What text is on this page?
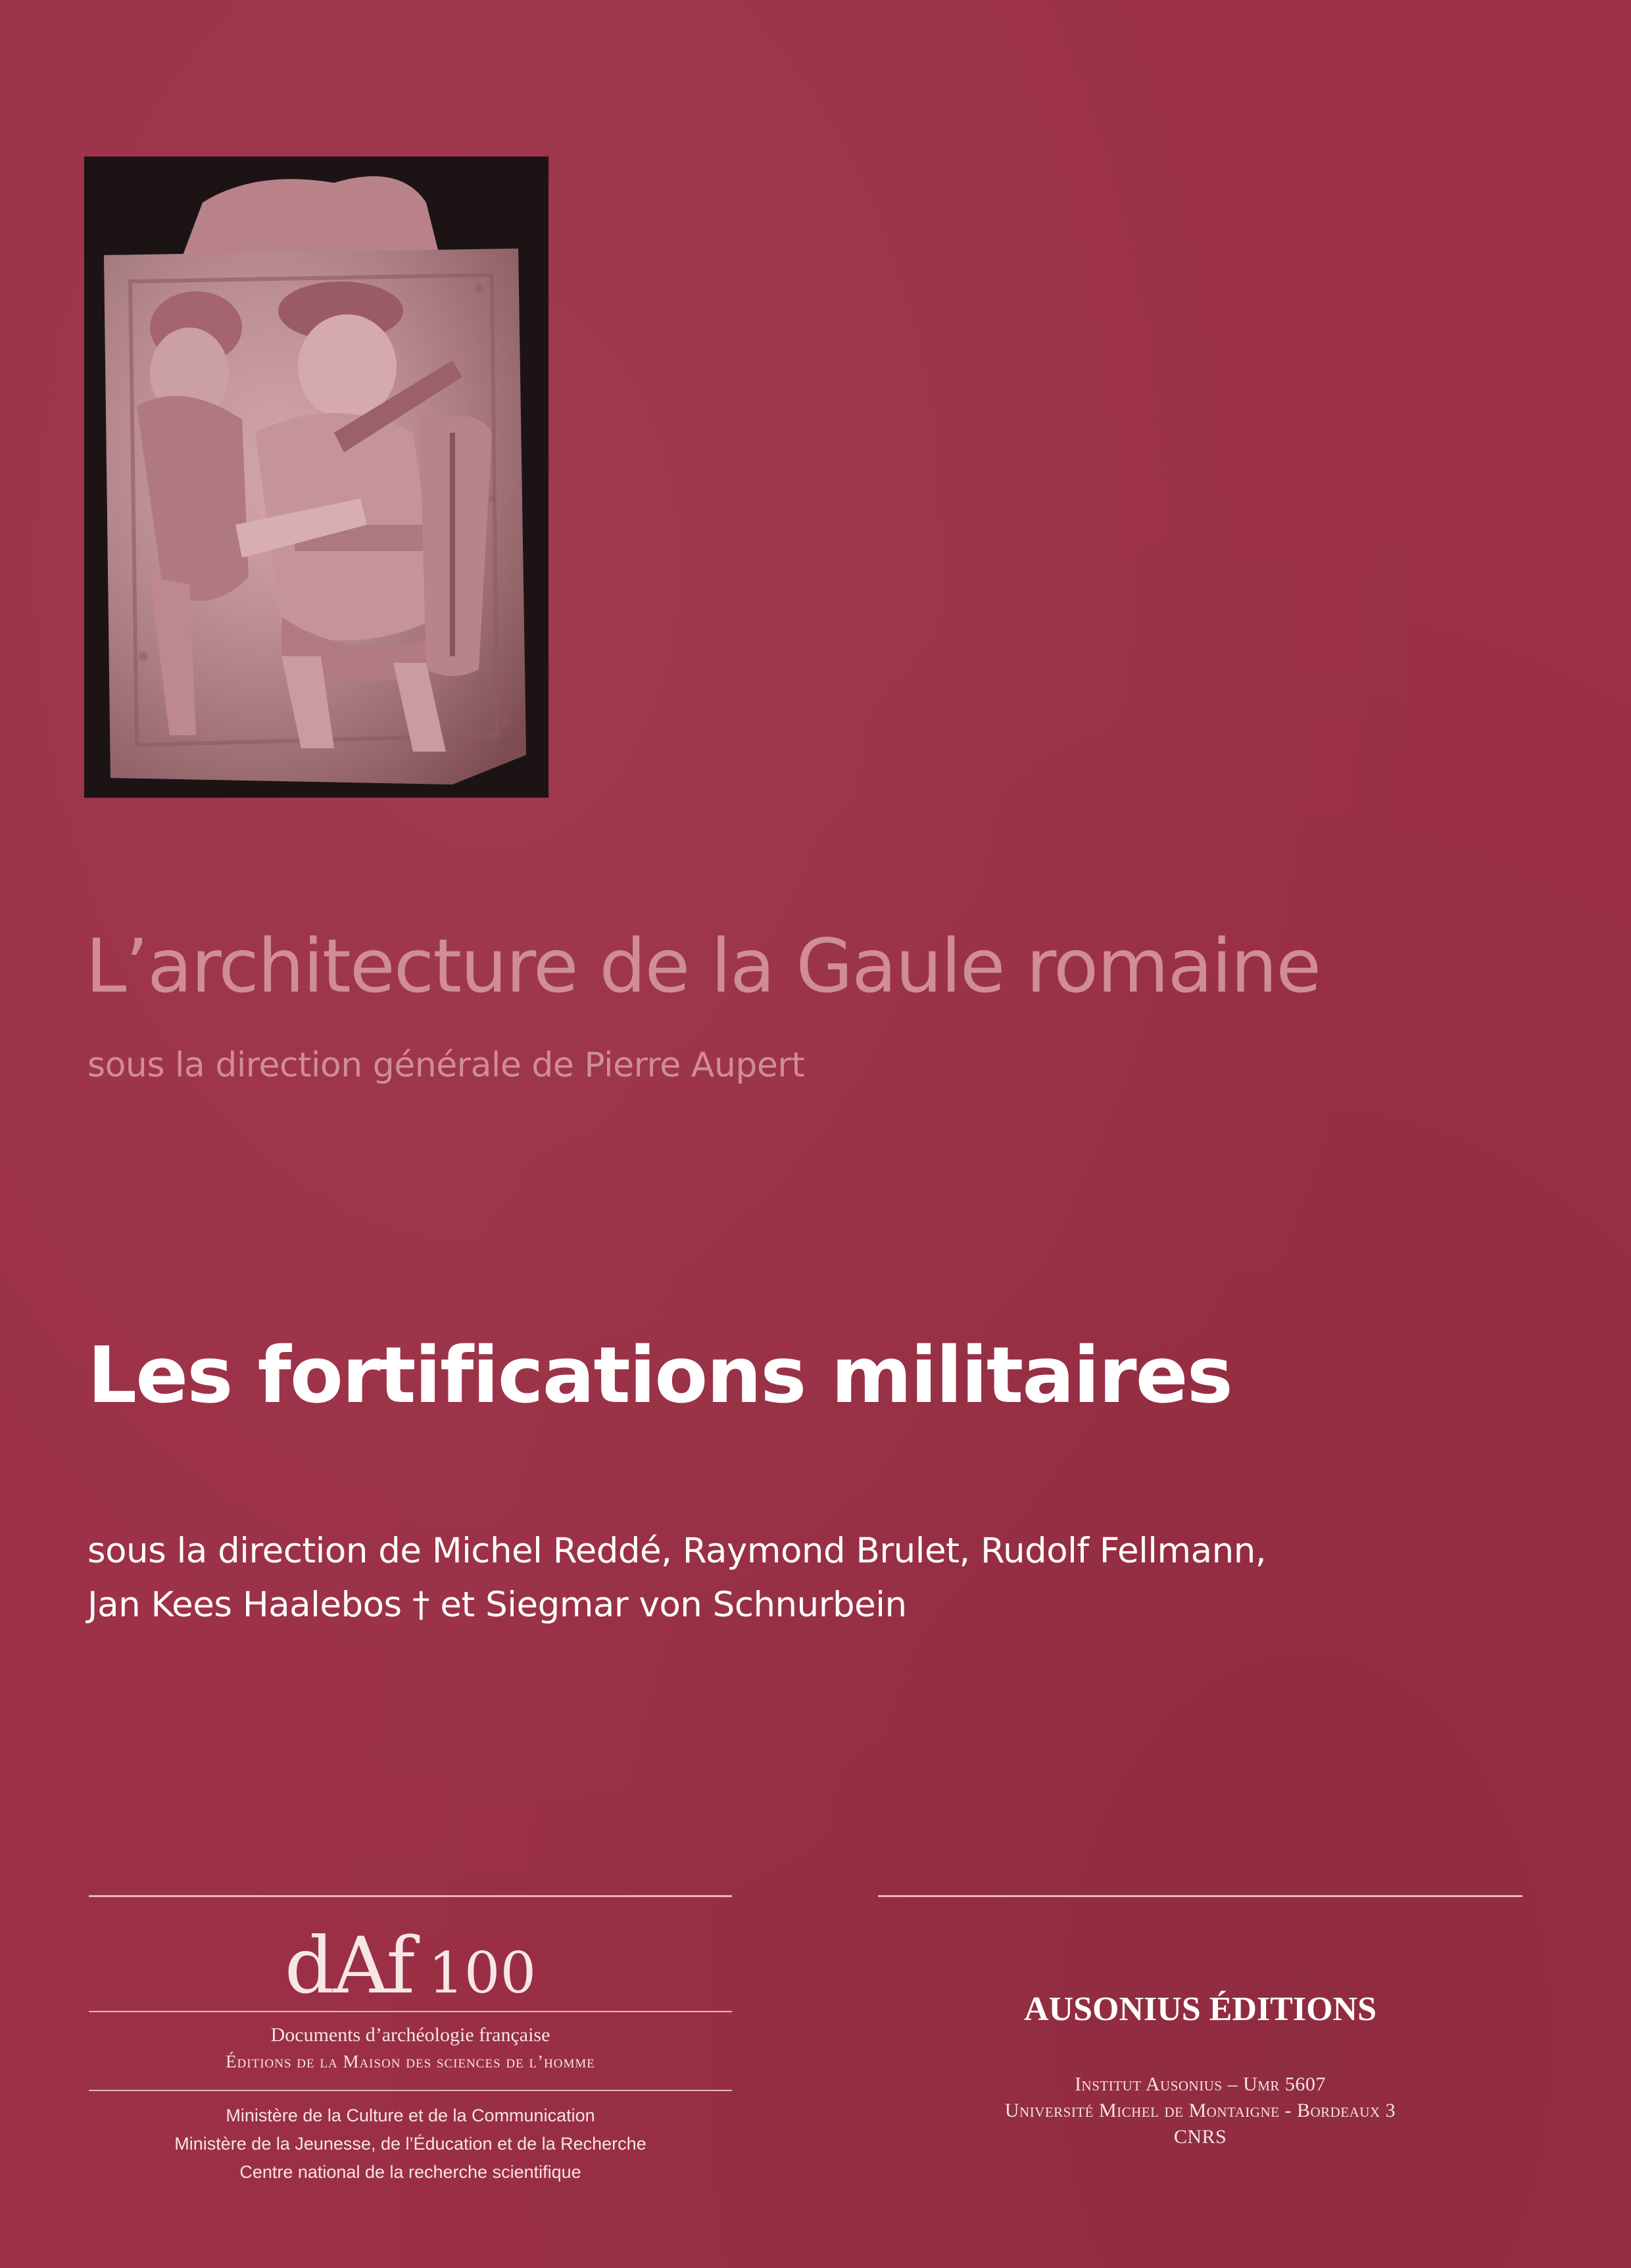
L’architecture de la Gaule romaine
sous la direction générale de Pierre Aupert
Les fortifications militaires
sous la direction de Michel Reddé, Raymond Brulet, Rudolf Fellmann,
Jan Kees Haalebos † et Siegmar von Schnurbein
dAf 100
Documents d’archéologie française
Éditions de la Maison des sciences de l’homme
Ministère de la Culture et de la Communication
Ministère de la Jeunesse, de l’Éducation et de la Recherche
Centre national de la recherche scientifique
AUSONIUS ÉDITIONS
Institut Ausonius – Umr 5607
Université Michel de Montaigne - Bordeaux 3
CNRS
